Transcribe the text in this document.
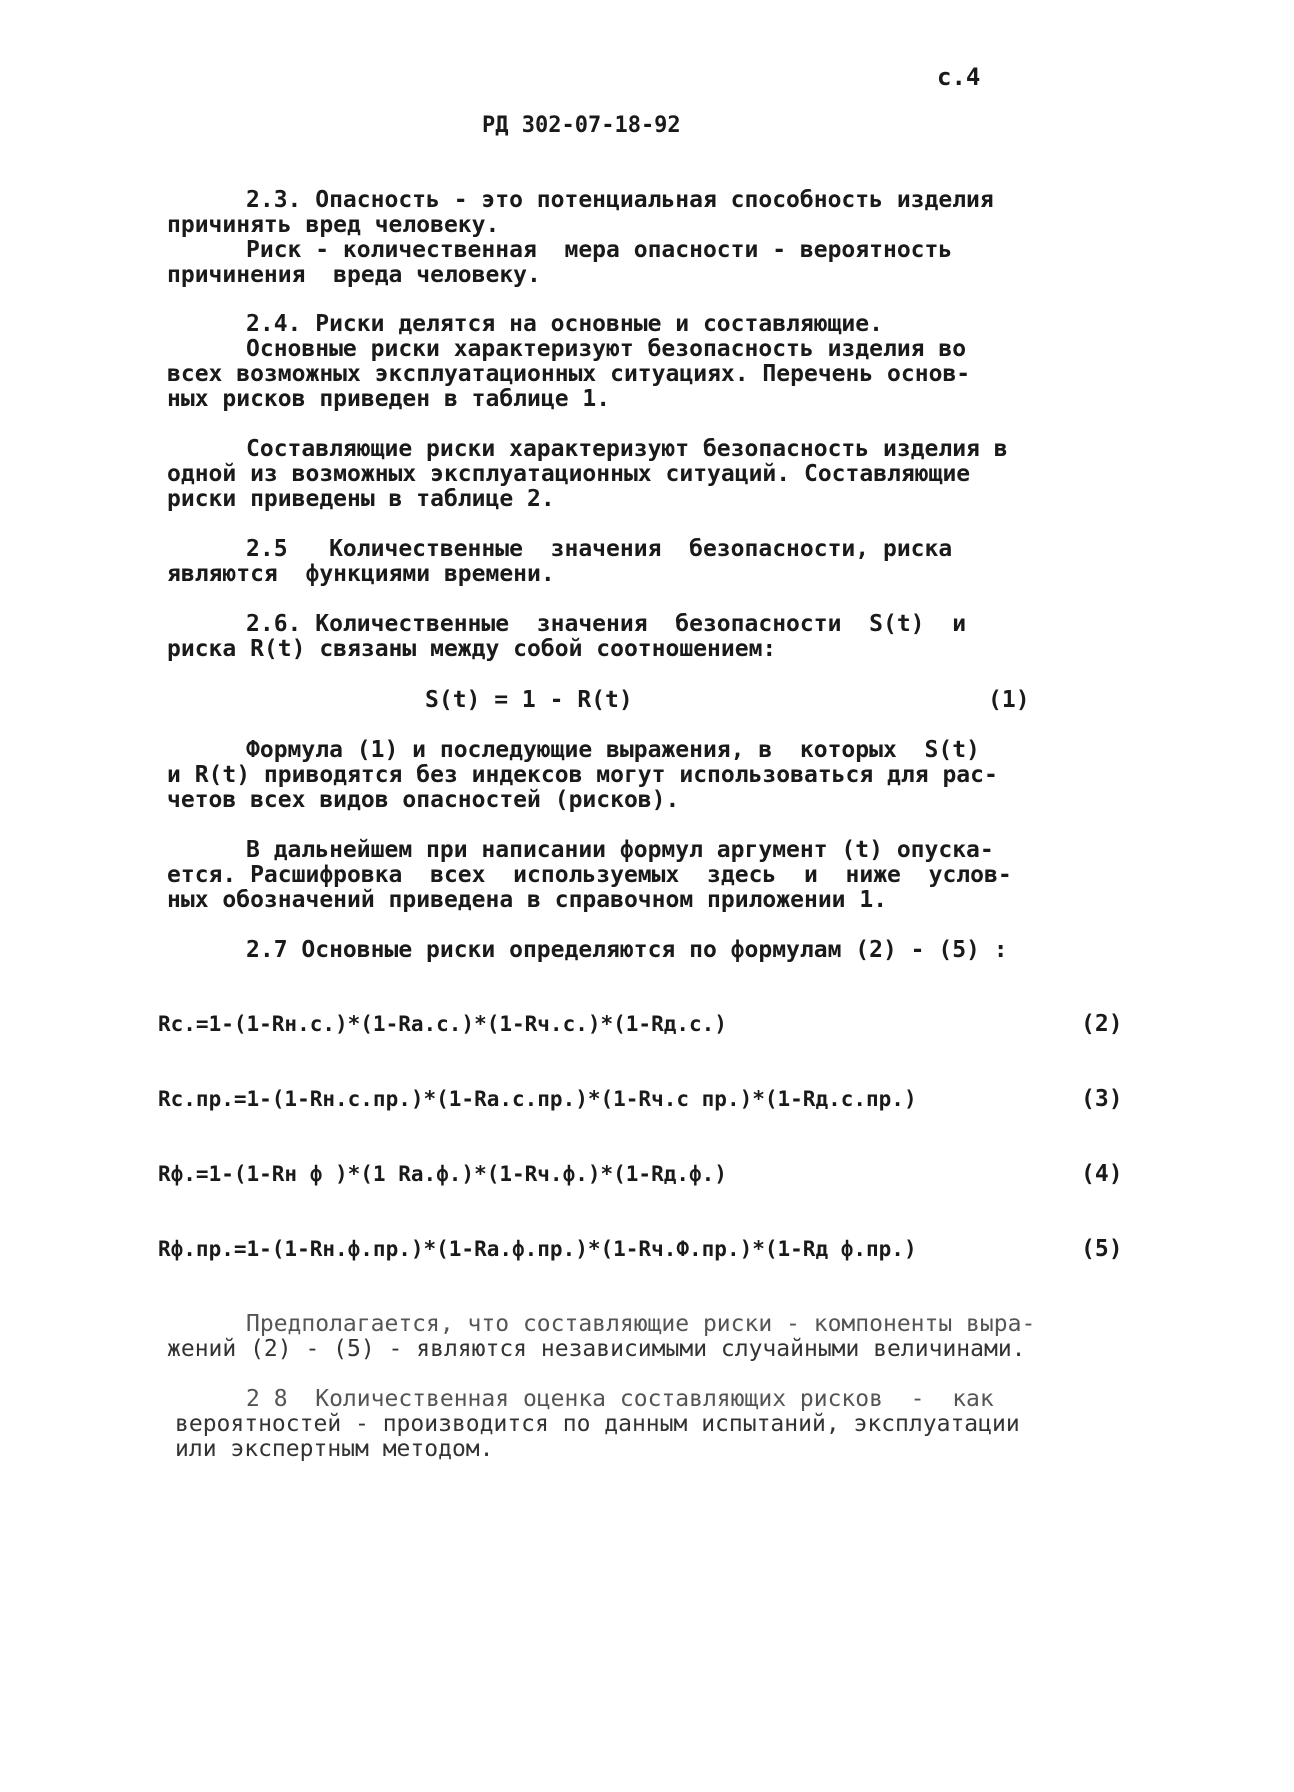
с.4
РД 302-07-18-92
2.3. Опасность - это потенциальная способность изделия
причинять вред человеку.
Риск - количественная  мера опасности - вероятность
причинения  вреда человеку.
2.4. Риски делятся на основные и составляющие.
Основные риски характеризуют безопасность изделия во
всех возможных эксплуатационных ситуациях. Перечень основ-
ных рисков приведен в таблице 1.
Составляющие риски характеризуют безопасность изделия в
одной из возможных эксплуатационных ситуаций. Составляющие
риски приведены в таблице 2.
2.5   Количественные  значения  безопасности, риска
являются  функциями времени.
2.6. Количественные  значения  безопасности  S(t)  и
риска R(t) связаны между собой соотношением:
S(t) = 1 - R(t)	(1)
Формула (1) и последующие выражения, в  которых  S(t)
и R(t) приводятся без индексов могут использоваться для рас-
четов всех видов опасностей (рисков).
В дальнейшем при написании формул аргумент (t) опуска-
ется. Расшифровка  всех  используемых  здесь  и  ниже  услов-
ных обозначений приведена в справочном приложении 1.
2.7 Основные риски определяются по формулам (2) - (5) :
Rc.=1-(1-Rн.c.)*(1-Ra.c.)*(1-Rч.c.)*(1-Rд.c.)	(2)
Rc.пр.=1-(1-Rн.c.пр.)*(1-Ra.c.пр.)*(1-Rч.c пр.)*(1-Rд.c.пр.)	(3)
Rф.=1-(1-Rн ф )*(1 Ra.ф.)*(1-Rч.ф.)*(1-Rд.ф.)	(4)
Rф.пр.=1-(1-Rн.ф.пр.)*(1-Ra.ф.пр.)*(1-Rч.Ф.пр.)*(1-Rд ф.пр.)	(5)
Предполагается, что составляющие риски - компоненты выра-
жений (2) - (5) - являются независимыми случайными величинами.
2 8  Количественная оценка составляющих рисков  -  как
вероятностей - производится по данным испытаний, эксплуатации
или экспертным методом.
